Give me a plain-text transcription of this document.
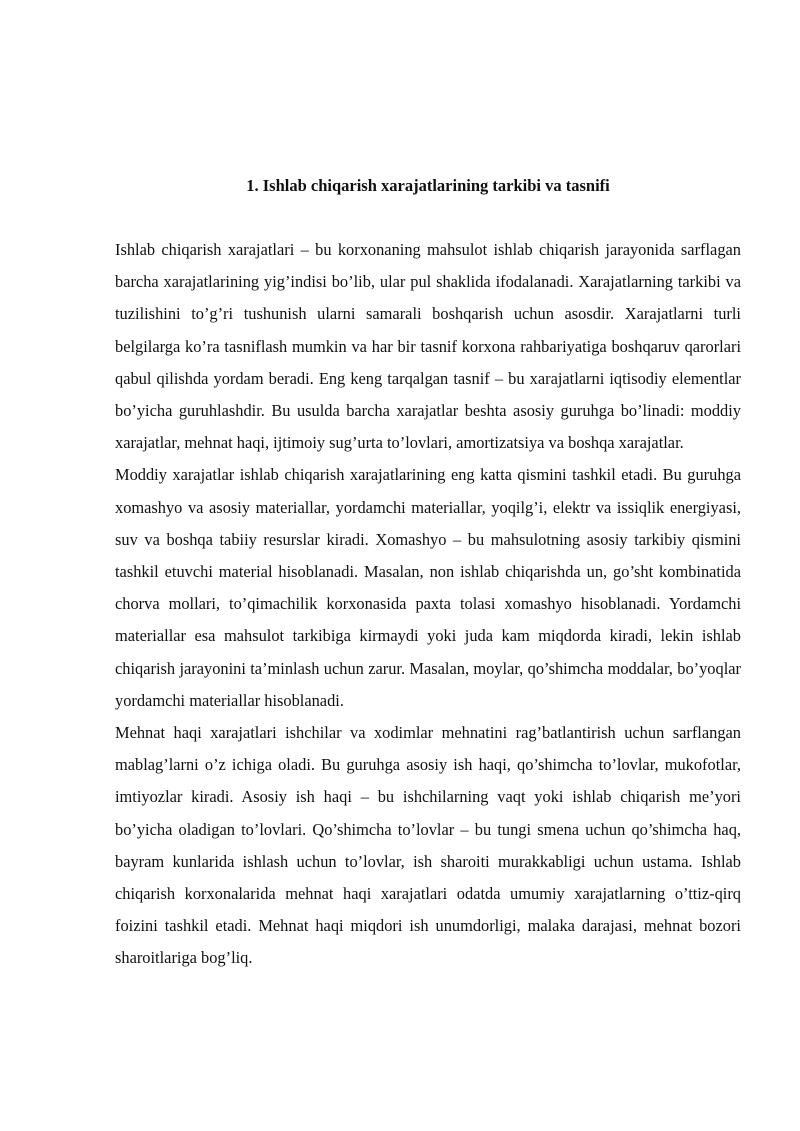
1. Ishlab chiqarish xarajatlarining tarkibi va tasnifi

Ishlab chiqarish xarajatlari – bu korxonaning mahsulot ishlab chiqarish jarayonida sarflagan barcha xarajatlarining yig’indisi bo’lib, ular pul shaklida ifodalanadi. Xarajatlarning tarkibi va tuzilishini to’g’ri tushunish ularni samarali boshqarish uchun asosdir. Xarajatlarni turli belgilarga ko’ra tasniflash mumkin va har bir tasnif korxona rahbariyatiga boshqaruv qarorlari qabul qilishda yordam beradi. Eng keng tarqalgan tasnif – bu xarajatlarni iqtisodiy elementlar bo’yicha guruhlashdir. Bu usulda barcha xarajatlar beshta asosiy guruhga bo’linadi: moddiy xarajatlar, mehnat haqi, ijtimoiy sug’urta to’lovlari, amortizatsiya va boshqa xarajatlar.

Moddiy xarajatlar ishlab chiqarish xarajatlarining eng katta qismini tashkil etadi. Bu guruhga xomashyo va asosiy materiallar, yordamchi materiallar, yoqilg’i, elektr va issiqlik energiyasi, suv va boshqa tabiiy resurslar kiradi. Xomashyo – bu mahsulotning asosiy tarkibiy qismini tashkil etuvchi material hisoblanadi. Masalan, non ishlab chiqarishda un, go’sht kombinatida chorva mollari, to’qimachilik korxonasida paxta tolasi xomashyo hisoblanadi. Yordamchi materiallar esa mahsulot tarkibiga kirmaydi yoki juda kam miqdorda kiradi, lekin ishlab chiqarish jarayonini ta’minlash uchun zarur. Masalan, moylar, qo’shimcha moddalar, bo’yoqlar yordamchi materiallar hisoblanadi.

Mehnat haqi xarajatlari ishchilar va xodimlar mehnatini rag’batlantirish uchun sarflangan mablag’larni o’z ichiga oladi. Bu guruhga asosiy ish haqi, qo’shimcha to’lovlar, mukofotlar, imtiyozlar kiradi. Asosiy ish haqi – bu ishchilarning vaqt yoki ishlab chiqarish me’yori bo’yicha oladigan to’lovlari. Qo’shimcha to’lovlar – bu tungi smena uchun qo’shimcha haq, bayram kunlarida ishlash uchun to’lovlar, ish sharoiti murakkabligi uchun ustama. Ishlab chiqarish korxonalarida mehnat haqi xarajatlari odatda umumiy xarajatlarning o’ttiz-qirq foizini tashkil etadi. Mehnat haqi miqdori ish unumdorligi, malaka darajasi, mehnat bozori sharoitlariga bog’liq.
